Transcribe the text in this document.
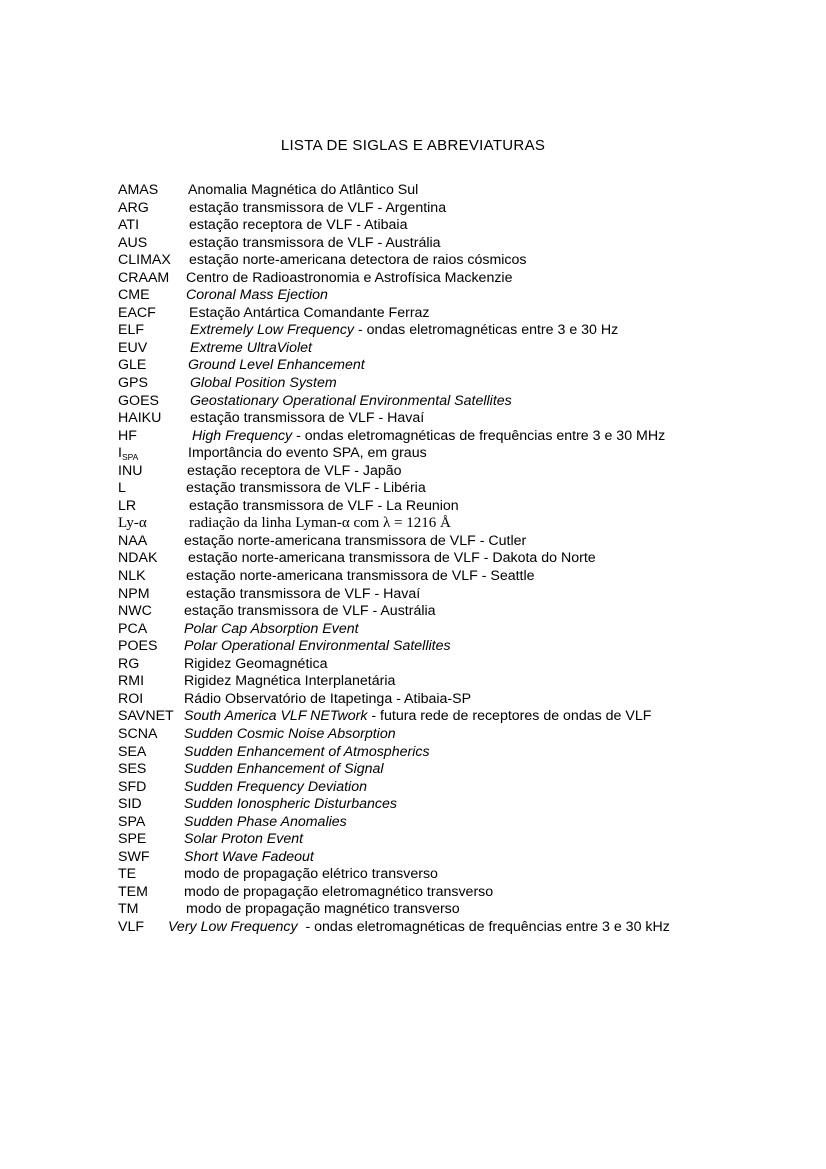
LISTA DE SIGLAS E ABREVIATURAS
AMAS Anomalia Magnética do Atlântico Sul
ARG	estação transmissora de VLF - Argentina
ATI	estação receptora de VLF - Atibaia
AUS	estação transmissora de VLF - Austrália
CLIMAX estação norte-americana detectora de raios cósmicos
CRAAM Centro de Radioastronomia e Astrofísica Mackenzie
CME	Coronal Mass Ejection
EACF Estação Antártica Comandante Ferraz
ELF	Extremely Low Frequency - ondas eletromagnéticas entre 3 e 30 Hz
EUV	Extreme UltraViolet
GLE	Ground Level Enhancement
GPS	Global Position System
GOES Geostationary Operational Environmental Satellites
HAIKU estação transmissora de VLF - Havaí
HF	High Frequency - ondas eletromagnéticas de frequências entre 3 e 30 MHz
$I_{SPA}$	Importância do evento SPA, em graus
INU	estação receptora de VLF - Japão
L	estação transmissora de VLF - Libéria
LR	estação transmissora de VLF - La Reunion
Ly-α	radiação da linha Lyman-α com λ = 1216 Å
NAA	estação norte-americana transmissora de VLF - Cutler
NDAK estação norte-americana transmissora de VLF - Dakota do Norte
NLK	estação norte-americana transmissora de VLF - Seattle
NPM	estação transmissora de VLF - Havaí
NWC estação transmissora de VLF - Austrália
PCA	Polar Cap Absorption Event
POES Polar Operational Environmental Satellites
RG	Rigidez Geomagnética
RMI	Rigidez Magnética Interplanetária
ROI	Rádio Observatório de Itapetinga - Atibaia-SP
SAVNET South America VLF NETwork - futura rede de receptores de ondas de VLF
SCNA Sudden Cosmic Noise Absorption
SEA	Sudden Enhancement of Atmospherics
SES	Sudden Enhancement of Signal
SFD	Sudden Frequency Deviation
SID	Sudden Ionospheric Disturbances
SPA	Sudden Phase Anomalies
SPE	Solar Proton Event
SWF Short Wave Fadeout
TE	modo de propagação elétrico transverso
TEM	modo de propagação eletromagnético transverso
TM	modo de propagação magnético transverso
VLF Very Low Frequency  - ondas eletromagnéticas de frequências entre 3 e 30 kHz
